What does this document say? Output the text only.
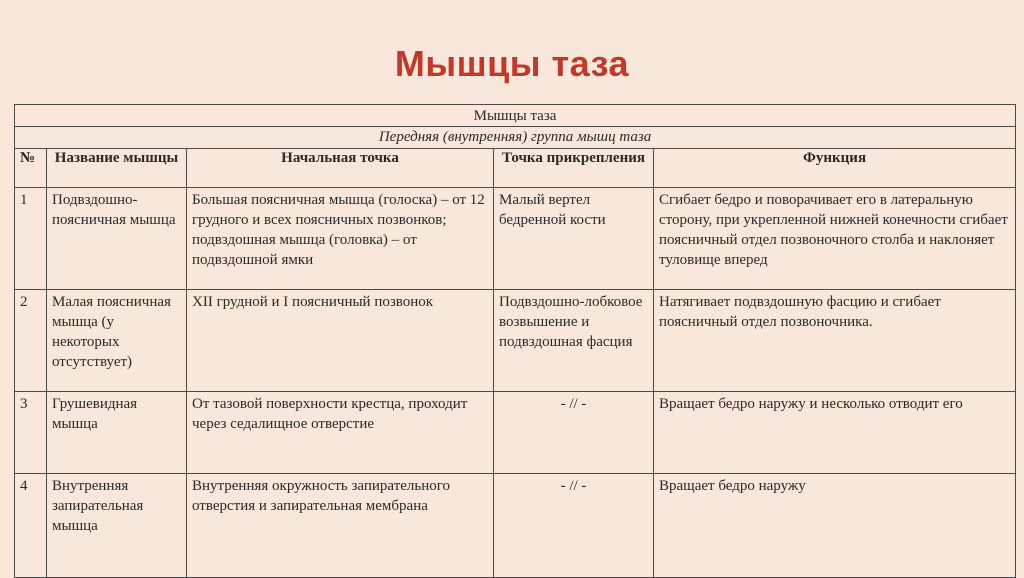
Мышцы таза
Мышцы таза				
Передняя (внутренняя) группа мышц таза				
№	Название мышцы	Начальная точка	Точка прикрепления	Функция
1	Подвздошно-поясничная мышца	Большая поясничная мышца (голоска) – от 12 грудного и всех поясничных позвонков; подвздошная мышца (головка) – от подвздошной ямки	Малый вертел бедренной кости	Сгибает бедро и поворачивает его в латеральную сторону, при укрепленной нижней конечности сгибает поясничный отдел позвоночного столба и наклоняет туловище вперед
2	Малая поясничная мышца (у некоторых отсутствует)	XII грудной и I поясничный позвонок	Подвздошно-лобковое возвышение и подвздошная фасция	Натягивает подвздошную фасцию и сгибает поясничный отдел позвоночника.
3	Грушевидная мышца	От тазовой поверхности крестца, проходит через седалищное отверстие	- // -	Вращает бедро наружу и несколько отводит его
4	Внутренняя запирательная мышца	Внутренняя окружность запирательного отверстия и запирательная мембрана	- // -	Вращает бедро наружу
